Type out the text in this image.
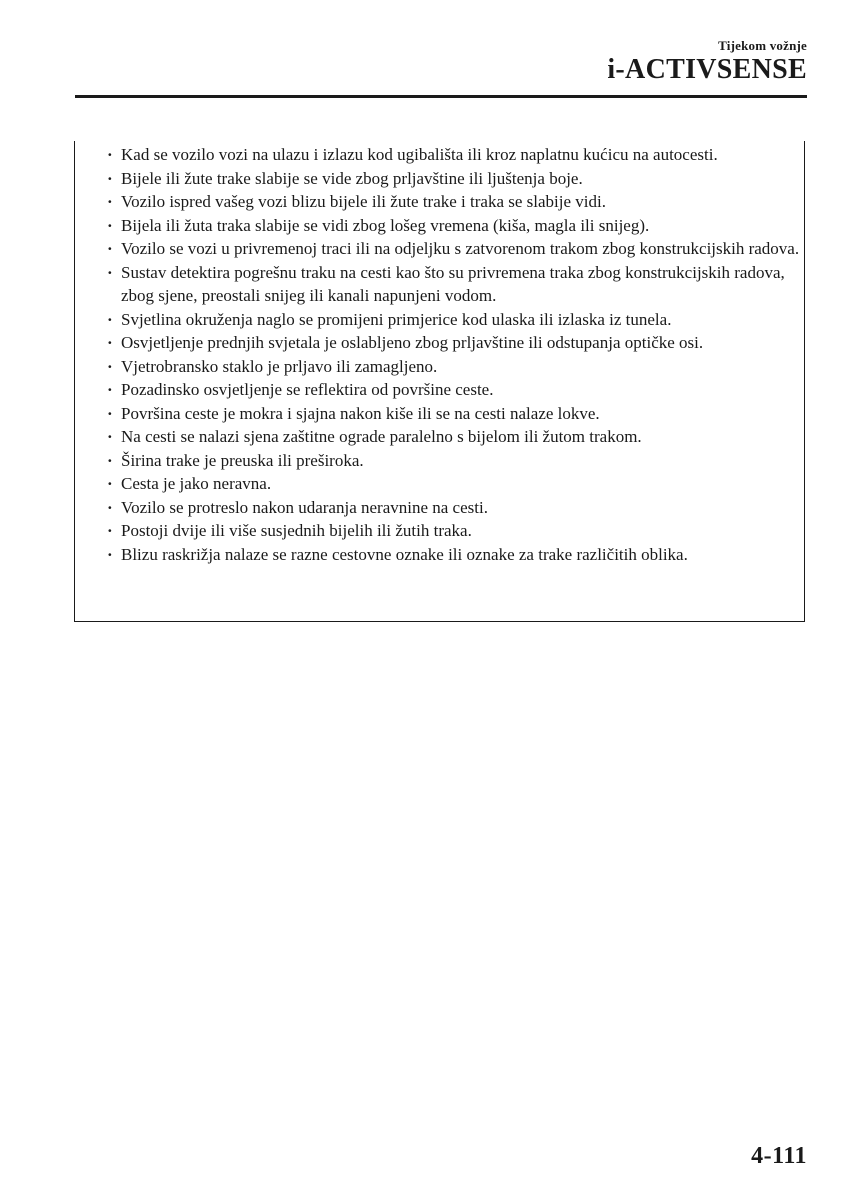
Tijekom vožnje
i-ACTIVSENSE
· Kad se vozilo vozi na ulazu i izlazu kod ugibališta ili kroz naplatnu kućicu na autocesti.
· Bijele ili žute trake slabije se vide zbog prljavštine ili ljuštenja boje.
· Vozilo ispred vašeg vozi blizu bijele ili žute trake i traka se slabije vidi.
· Bijela ili žuta traka slabije se vidi zbog lošeg vremena (kiša, magla ili snijeg).
· Vozilo se vozi u privremenoj traci ili na odjeljku s zatvorenom trakom zbog konstrukcijskih radova.
· Sustav detektira pogrešnu traku na cesti kao što su privremena traka zbog konstrukcijskih radova, zbog sjene, preostali snijeg ili kanali napunjeni vodom.
· Svjetlina okruženja naglo se promijeni primjerice kod ulaska ili izlaska iz tunela.
· Osvjetljenje prednjih svjetala je oslabljeno zbog prljavštine ili odstupanja optičke osi.
· Vjetrobransko staklo je prljavo ili zamagljeno.
· Pozadinsko osvjetljenje se reflektira od površine ceste.
· Površina ceste je mokra i sjajna nakon kiše ili se na cesti nalaze lokve.
· Na cesti se nalazi sjena zaštitne ograde paralelno s bijelom ili žutom trakom.
· Širina trake je preuska ili preširoka.
· Cesta je jako neravna.
· Vozilo se protreslo nakon udaranja neravnine na cesti.
· Postoji dvije ili više susjednih bijelih ili žutih traka.
· Blizu raskrižja nalaze se razne cestovne oznake ili oznake za trake različitih oblika.
4-111
